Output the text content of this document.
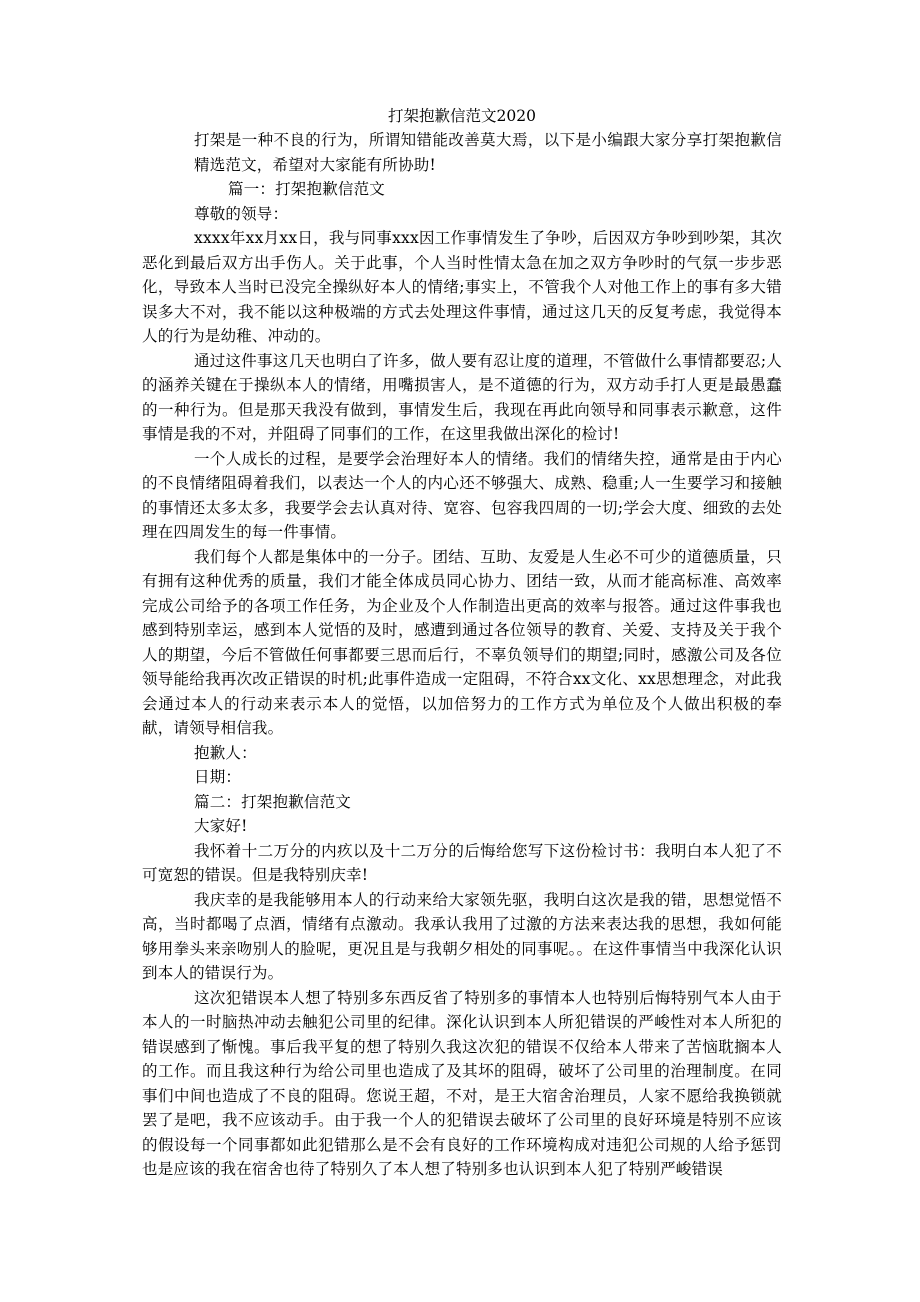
打架抱歉信范文2020

打架是一种不良的行为，所谓知错能改善莫大焉，以下是小编跟大家分享打架抱歉信精选范文，希望对大家能有所协助!

篇一：打架抱歉信范文

尊敬的领导：

xxxx年xx月xx日，我与同事xxx因工作事情发生了争吵，后因双方争吵到吵架，其次恶化到最后双方出手伤人。关于此事，个人当时性情太急在加之双方争吵时的气氛一步步恶化，导致本人当时已没完全操纵好本人的情绪;事实上，不管我个人对他工作上的事有多大错误多大不对，我不能以这种极端的方式去处理这件事情，通过这几天的反复考虑，我觉得本人的行为是幼稚、冲动的。

通过这件事这几天也明白了许多，做人要有忍让度的道理，不管做什么事情都要忍;人的涵养关键在于操纵本人的情绪，用嘴损害人，是不道德的行为，双方动手打人更是最愚蠢的一种行为。但是那天我没有做到，事情发生后，我现在再此向领导和同事表示歉意，这件事情是我的不对，并阻碍了同事们的工作，在这里我做出深化的检讨!

一个人成长的过程，是要学会治理好本人的情绪。我们的情绪失控，通常是由于内心的不良情绪阻碍着我们，以表达一个人的内心还不够强大、成熟、稳重;人一生要学习和接触的事情还太多太多，我要学会去认真对待、宽容、包容我四周的一切;学会大度、细致的去处理在四周发生的每一件事情。

我们每个人都是集体中的一分子。团结、互助、友爱是人生必不可少的道德质量，只有拥有这种优秀的质量，我们才能全体成员同心协力、团结一致，从而才能高标准、高效率完成公司给予的各项工作任务，为企业及个人作制造出更高的效率与报答。通过这件事我也感到特别幸运，感到本人觉悟的及时，感遭到通过各位领导的教育、关爱、支持及关于我个人的期望，今后不管做任何事都要三思而后行，不辜负领导们的期望;同时，感激公司及各位领导能给我再次改正错误的时机;此事件造成一定阻碍，不符合xx文化、xx思想理念，对此我会通过本人的行动来表示本人的觉悟，以加倍努力的工作方式为单位及个人做出积极的奉献，请领导相信我。

抱歉人：

日期：

篇二：打架抱歉信范文

大家好!

我怀着十二万分的内疚以及十二万分的后悔给您写下这份检讨书：我明白本人犯了不可宽恕的错误。但是我特别庆幸!

我庆幸的是我能够用本人的行动来给大家领先驱，我明白这次是我的错，思想觉悟不高，当时都喝了点酒，情绪有点激动。我承认我用了过激的方法来表达我的思想，我如何能够用拳头来亲吻别人的脸呢，更况且是与我朝夕相处的同事呢。。在这件事情当中我深化认识到本人的错误行为。

这次犯错误本人想了特别多东西反省了特别多的事情本人也特别后悔特别气本人由于本人的一时脑热冲动去触犯公司里的纪律。深化认识到本人所犯错误的严峻性对本人所犯的错误感到了惭愧。事后我平复的想了特别久我这次犯的错误不仅给本人带来了苦恼耽搁本人的工作。而且我这种行为给公司里也造成了及其坏的阻碍，破坏了公司里的治理制度。在同事们中间也造成了不良的阻碍。您说王超，不对，是王大宿舍治理员，人家不愿给我换锁就罢了是吧，我不应该动手。由于我一个人的犯错误去破坏了公司里的良好环境是特别不应该的假设每一个同事都如此犯错那么是不会有良好的工作环境构成对违犯公司规的人给予惩罚也是应该的我在宿舍也待了特别久了本人想了特别多也认识到本人犯了特别严峻错误
